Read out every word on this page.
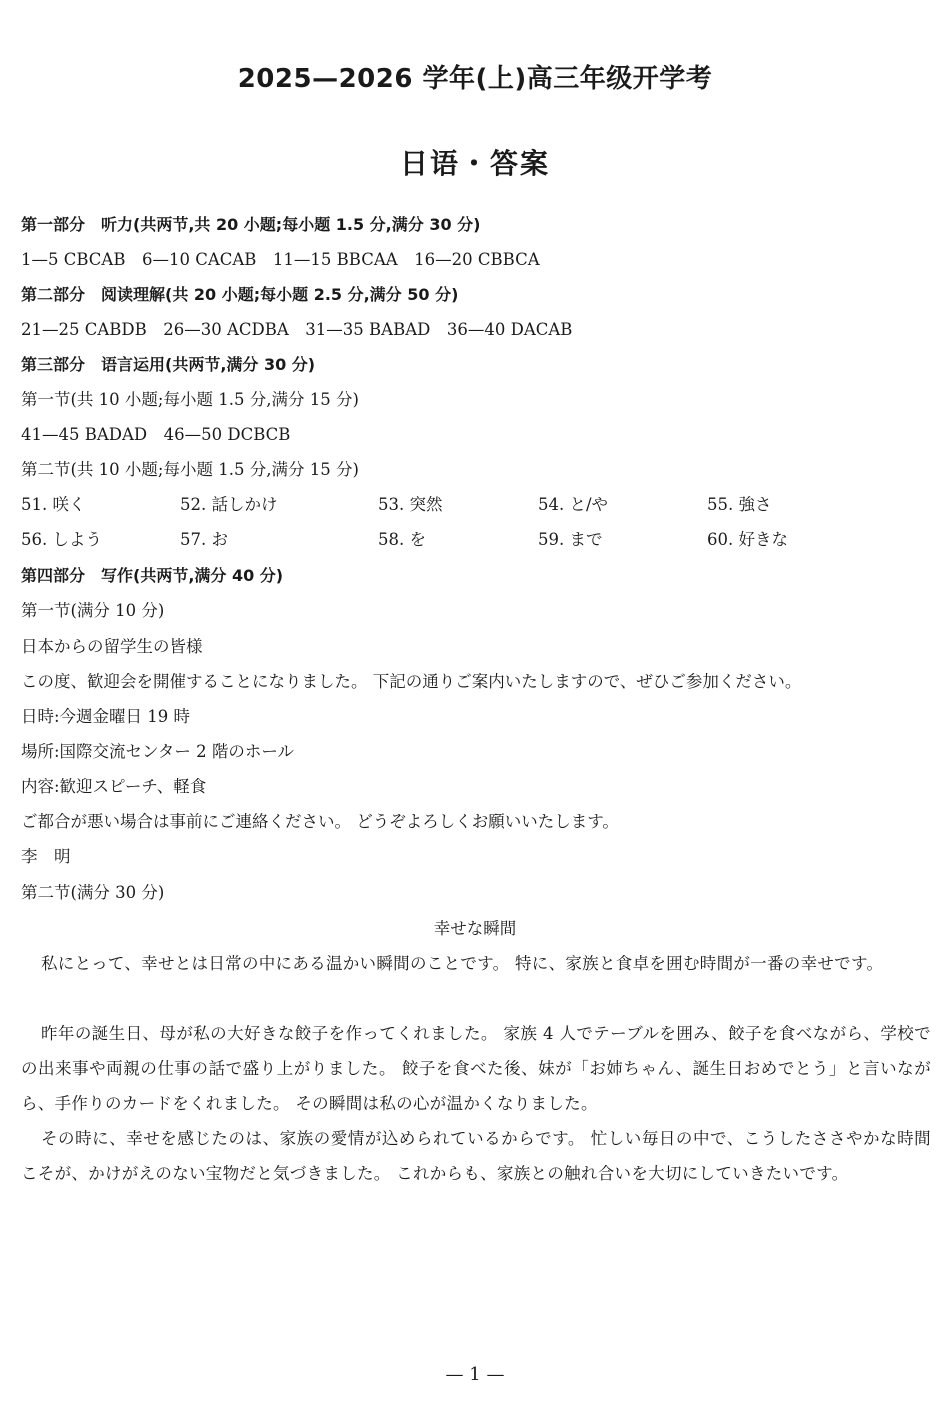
2025—2026 学年(上)高三年级开学考
日语・答案
第一部分　听力(共两节,共 20 小题;每小题 1.5 分,满分 30 分)
1—5 CBCAB　6—10 CACAB　11—15 BBCAA　16—20 CBBCA
第二部分　阅读理解(共 20 小题;每小题 2.5 分,满分 50 分)
21—25 CABDB　26—30 ACDBA　31—35 BABAD　36—40 DACAB
第三部分　语言运用(共两节,满分 30 分)
第一节(共 10 小题;每小题 1.5 分,满分 15 分)
41—45 BADAD　46—50 DCBCB
第二节(共 10 小题;每小题 1.5 分,满分 15 分)
51. 咲く	52. 話しかけ	53. 突然	54. と/や	55. 強さ
56. しよう	57. お	58. を	59. まで	60. 好きな
第四部分　写作(共两节,满分 40 分)
第一节(满分 10 分)
日本からの留学生の皆様
この度、歓迎会を開催することになりました。 下記の通りご案内いたしますので、ぜひご参加ください。
日時:今週金曜日 19 時
場所:国際交流センター 2 階のホール
内容:歓迎スピーチ、軽食
ご都合が悪い場合は事前にご連絡ください。 どうぞよろしくお願いいたします。
李　明
第二节(满分 30 分)
幸せな瞬間
私にとって、幸せとは日常の中にある温かい瞬間のことです。 特に、家族と食卓を囲む時間が一番の幸せです。
昨年の誕生日、母が私の大好きな餃子を作ってくれました。 家族 4 人でテーブルを囲み、餃子を食べながら、学校での出来事や両親の仕事の話で盛り上がりました。 餃子を食べた後、妹が「お姉ちゃん、誕生日おめでとう」と言いながら、手作りのカードをくれました。 その瞬間は私の心が温かくなりました。
その時に、幸せを感じたのは、家族の愛情が込められているからです。 忙しい毎日の中で、こうしたささやかな時間こそが、かけがえのない宝物だと気づきました。 これからも、家族との触れ合いを大切にしていきたいです。
— 1 —
